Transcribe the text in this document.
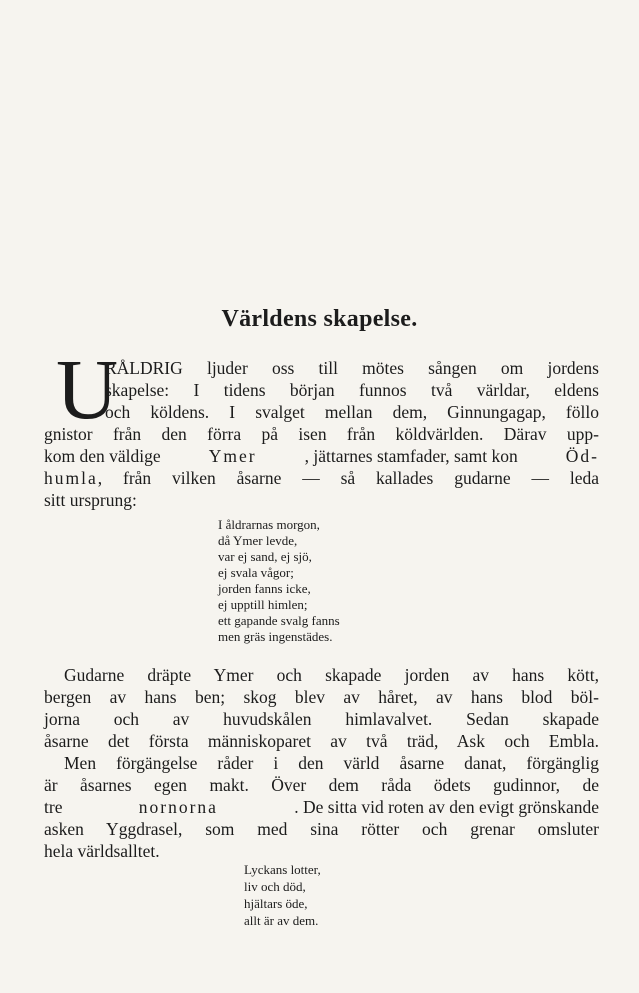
Världens skapelse.
U
RÅLDRIG ljuder oss till mötes sången om jordens
skapelse: I tidens början funnos två världar, eldens
och köldens. I svalget mellan dem, Ginnungagap, föllo
gnistor från den förra på isen från köldvärlden. Därav upp-
kom den väldige	Ymer	, jättarnes stamfader, samt kon	Öd-
humla , från vilken åsarne — så kallades gudarne — leda
sitt ursprung:
I åldrarnas morgon,
då Ymer levde,
var ej sand, ej sjö,
ej svala vågor;
jorden fanns icke,
ej upptill himlen;
ett gapande svalg fanns
men gräs ingenstädes.
Gudarne dräpte Ymer och skapade jorden av hans kött,
bergen av hans ben; skog blev av håret, av hans blod böl-
jorna och av huvudskålen himlavalvet. Sedan skapade
åsarne det första människoparet av två träd, Ask och Embla.
Men förgängelse råder i den värld åsarne danat, förgänglig
är åsarnes egen makt. Över dem råda ödets gudinnor, de
tre	nornorna	. De sitta vid roten av den evigt grönskande
asken Yggdrasel, som med sina rötter och grenar omsluter
hela världsalltet.
Lyckans lotter,
liv och död,
hjältars öde,
allt är av dem.
